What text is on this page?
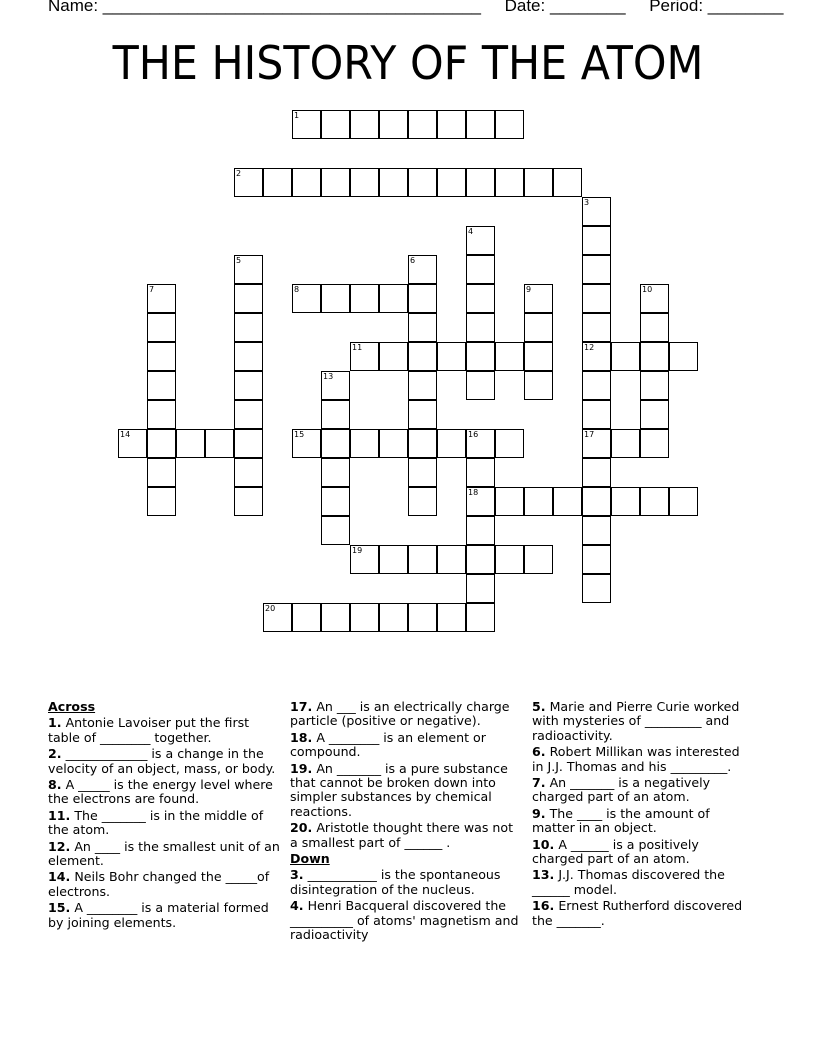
Name: ________________________________________     Date: ________     Period: ________
THE HISTORY OF THE ATOM
1
2
3
12
17
4
5	6
7	8	9	10
11
13
14	15	16
18
19
20
Across
1. Antonie Lavoiser put the first table of ________ together.
2. _____________ is a change in the velocity of an object, mass, or body.
8. A _____ is the energy level where the electrons are found.
11. The _______ is in the middle of the atom.
12. An ____ is the smallest unit of an element.
14. Neils Bohr changed the _____of electrons.
15. A ________ is a material formed by joining elements.
17. An ___ is an electrically charge particle (positive or negative).
18. A ________ is an element or compound.
19. An _______ is a pure substance that cannot be broken down into simpler substances by chemical reactions.
20. Aristotle thought there was not a smallest part of ______ .
Down
3. ___________ is the spontaneous disintegration of the nucleus.
4. Henri Bacqueral discovered the __________ of atoms' magnetism and radioactivity
5. Marie and Pierre Curie worked with mysteries of _________ and radioactivity.
6. Robert Millikan was interested in J.J. Thomas and his _________.
7. An _______ is a negatively charged part of an atom.
9. The ____ is the amount of matter in an object.
10. A ______ is a positively charged part of an atom.
13. J.J. Thomas discovered the ______ model.
16. Ernest Rutherford discovered the _______.
